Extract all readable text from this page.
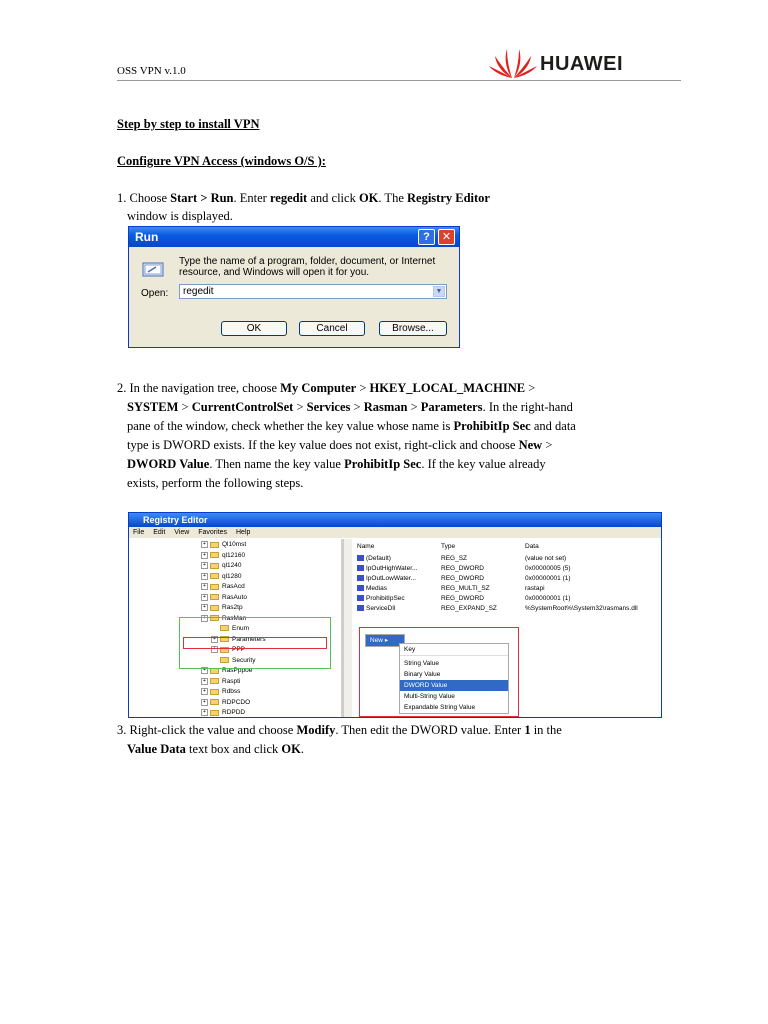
OSS VPN v.1.0	HUAWEI
Step by step to install VPN
Configure VPN Access (windows O/S ):
1. Choose Start > Run. Enter regedit and click OK. The Registry Editor
window is displayed.
Run	?	✕
Type the name of a program, folder, document, or Internet resource, and Windows will open it for you.
Open:	regedit	▼
OK	Cancel	Browse...
2. In the navigation tree, choose My Computer > HKEY_LOCAL_MACHINE >
SYSTEM > CurrentControlSet > Services > Rasman > Parameters. In the right-hand
pane of the window, check whether the key value whose name is ProhibitIp Sec and data
type is DWORD exists. If the key value does not exist, right-click and choose New >
DWORD Value. Then name the key value ProhibitIp Sec. If the key value already
exists, perform the following steps.
Registry Editor
File Edit View Favorites Help
+ Ql10mst
+ ql12160
+ ql1240
+ ql1280
+ RasAcd
+ RasAuto
+ Ras2tp
+ RasMan
Enum
+ Parameters
+ PPP
Security
+ RasPppoe
+ Raspti
+ Rdbss
+ RDPCDO
+ RDPDD
Name	Type	Data
(Default)	REG_SZ	(value not set)
IpOutHighWater...	REG_DWORD	0x00000005 (5)
IpOutLowWater...	REG_DWORD	0x00000001 (1)
Medias	REG_MULTI_SZ	rastapi
ProhibitIpSec	REG_DWORD	0x00000001 (1)
ServiceDll	REG_EXPAND_SZ	%SystemRoot%\System32\rasmans.dll
New ▸
Key
String Value
Binary Value
DWORD Value
Multi-String Value
Expandable String Value
3. Right-click the value and choose Modify. Then edit the DWORD value. Enter 1 in the
Value Data text box and click OK.
